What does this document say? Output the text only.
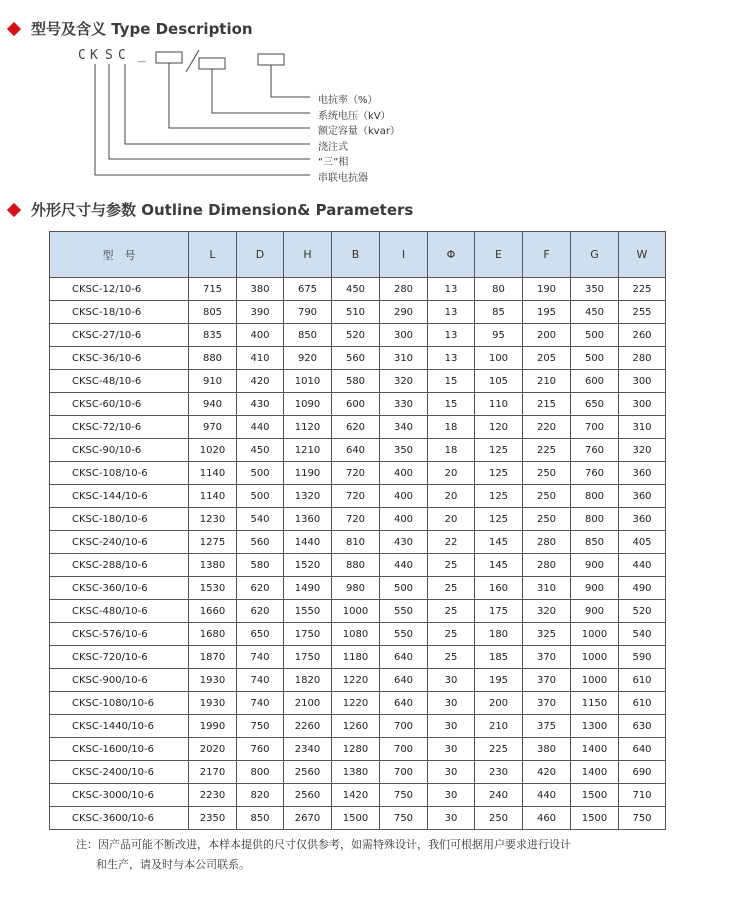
型号及含义 Type Description
C K S C _
电抗率（%）
系统电压（kV）
额定容量（kvar）
浇注式
“三”相
串联电抗器
外形尺寸与参数 Outline Dimension& Parameters
型　号	L	D	H	B	I	Φ	E	F	G	W
CKSC-12/10-6	715	380	675	450	280	13	80	190	350	225
CKSC-18/10-6	805	390	790	510	290	13	85	195	450	255
CKSC-27/10-6	835	400	850	520	300	13	95	200	500	260
CKSC-36/10-6	880	410	920	560	310	13	100	205	500	280
CKSC-48/10-6	910	420	1010	580	320	15	105	210	600	300
CKSC-60/10-6	940	430	1090	600	330	15	110	215	650	300
CKSC-72/10-6	970	440	1120	620	340	18	120	220	700	310
CKSC-90/10-6	1020	450	1210	640	350	18	125	225	760	320
CKSC-108/10-6	1140	500	1190	720	400	20	125	250	760	360
CKSC-144/10-6	1140	500	1320	720	400	20	125	250	800	360
CKSC-180/10-6	1230	540	1360	720	400	20	125	250	800	360
CKSC-240/10-6	1275	560	1440	810	430	22	145	280	850	405
CKSC-288/10-6	1380	580	1520	880	440	25	145	280	900	440
CKSC-360/10-6	1530	620	1490	980	500	25	160	310	900	490
CKSC-480/10-6	1660	620	1550	1000	550	25	175	320	900	520
CKSC-576/10-6	1680	650	1750	1080	550	25	180	325	1000	540
CKSC-720/10-6	1870	740	1750	1180	640	25	185	370	1000	590
CKSC-900/10-6	1930	740	1820	1220	640	30	195	370	1000	610
CKSC-1080/10-6	1930	740	2100	1220	640	30	200	370	1150	610
CKSC-1440/10-6	1990	750	2260	1260	700	30	210	375	1300	630
CKSC-1600/10-6	2020	760	2340	1280	700	30	225	380	1400	640
CKSC-2400/10-6	2170	800	2560	1380	700	30	230	420	1400	690
CKSC-3000/10-6	2230	820	2560	1420	750	30	240	440	1500	710
CKSC-3600/10-6	2350	850	2670	1500	750	30	250	460	1500	750
注：因产品可能不断改进，本样本提供的尺寸仅供参考，如需特殊设计，我们可根据用户要求进行设计
和生产，请及时与本公司联系。
